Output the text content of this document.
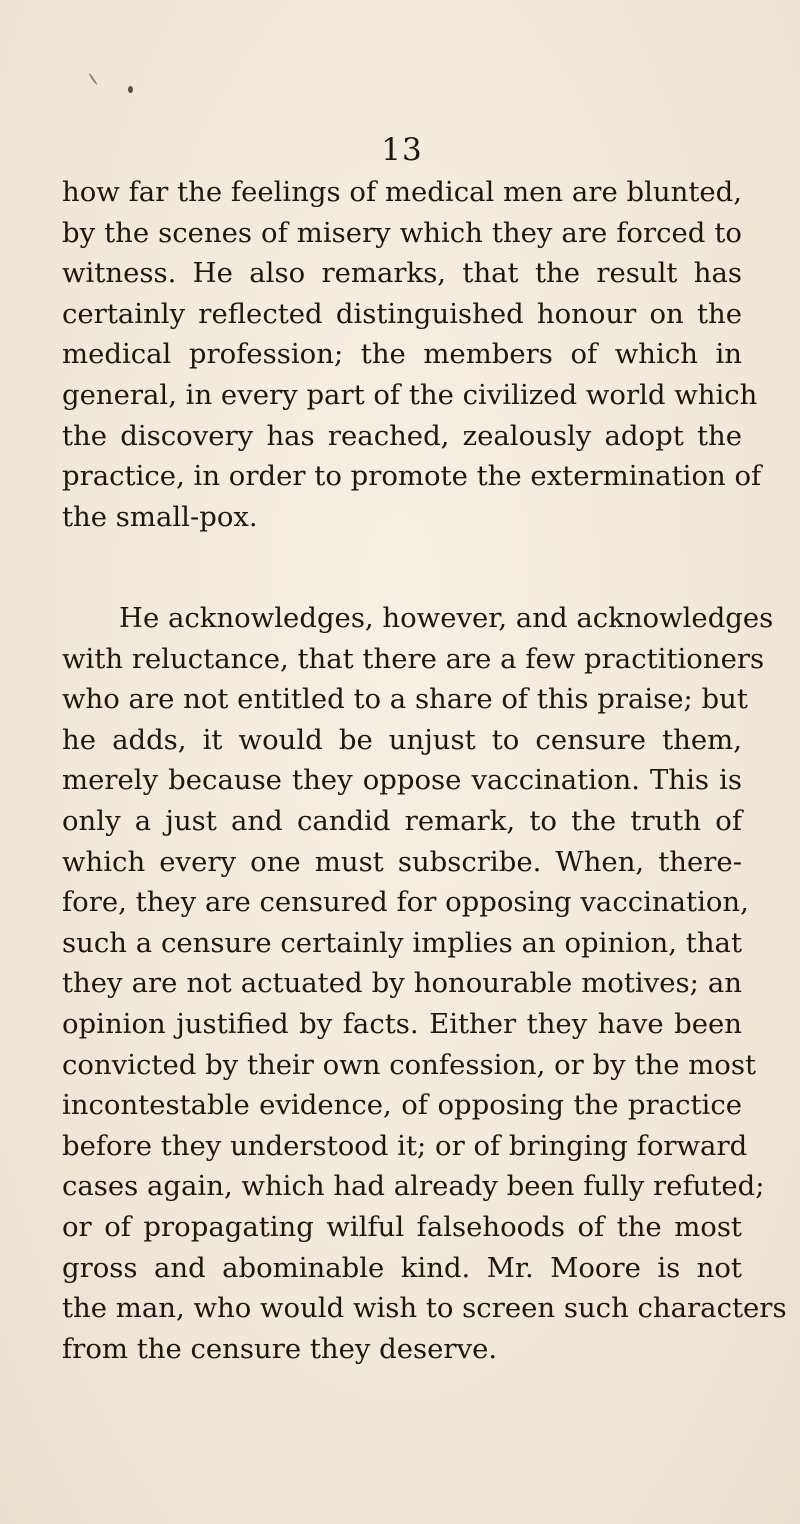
13
how far the feelings of medical men are blunted,
by the scenes of misery which they are forced to
witness. He also remarks, that the result has
certainly reflected distinguished honour on the
medical profession; the members of which in
general, in every part of the civilized world which
the discovery has reached, zealously adopt the
practice, in order to promote the extermination of
the small-pox.
He acknowledges, however, and acknowledges
with reluctance, that there are a few practitioners
who are not entitled to a share of this praise; but
he adds, it would be unjust to censure them,
merely because they oppose vaccination. This is
only a just and candid remark, to the truth of
which every one must subscribe. When, there-
fore, they are censured for opposing vaccination,
such a censure certainly implies an opinion, that
they are not actuated by honourable motives; an
opinion justified by facts. Either they have been
convicted by their own confession, or by the most
incontestable evidence, of opposing the practice
before they understood it; or of bringing forward
cases again, which had already been fully refuted;
or of propagating wilful falsehoods of the most
gross and abominable kind. Mr. Moore is not
the man, who would wish to screen such characters
from the censure they deserve.
